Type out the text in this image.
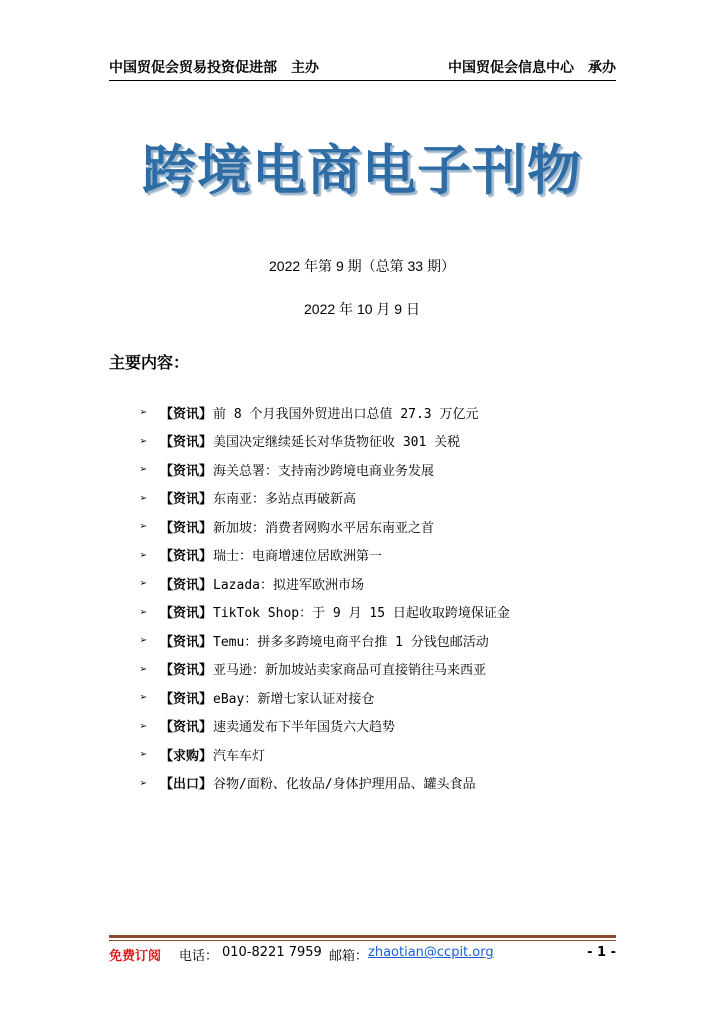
中国贸促会贸易投资促进部　主办	中国贸促会信息中心　承办
跨境电商电子刊物
2022 年第 9 期（总第 33 期）
2022 年 10 月 9 日
主要内容：
➢ 【资讯】 前 8 个月我国外贸进出口总值 27.3 万亿元
➢ 【资讯】 美国决定继续延长对华货物征收 301 关税
➢ 【资讯】 海关总署：支持南沙跨境电商业务发展
➢ 【资讯】 东南亚：多站点再破新高
➢ 【资讯】 新加坡：消费者网购水平居东南亚之首
➢ 【资讯】 瑞士：电商增速位居欧洲第一
➢ 【资讯】 Lazada：拟进军欧洲市场
➢ 【资讯】 TikTok Shop：于 9 月 15 日起收取跨境保证金
➢ 【资讯】 Temu：拼多多跨境电商平台推 1 分钱包邮活动
➢ 【资讯】 亚马逊：新加坡站卖家商品可直接销往马来西亚
➢ 【资讯】 eBay：新增七家认证对接仓
➢ 【资讯】 速卖通发布下半年国货六大趋势
➢ 【求购】 汽车车灯
➢ 【出口】 谷物/面粉、化妆品/身体护理用品、罐头食品
免费订阅 电话： 010-8221 7959 邮箱： zhaotian@ccpit.org	- 1 -
